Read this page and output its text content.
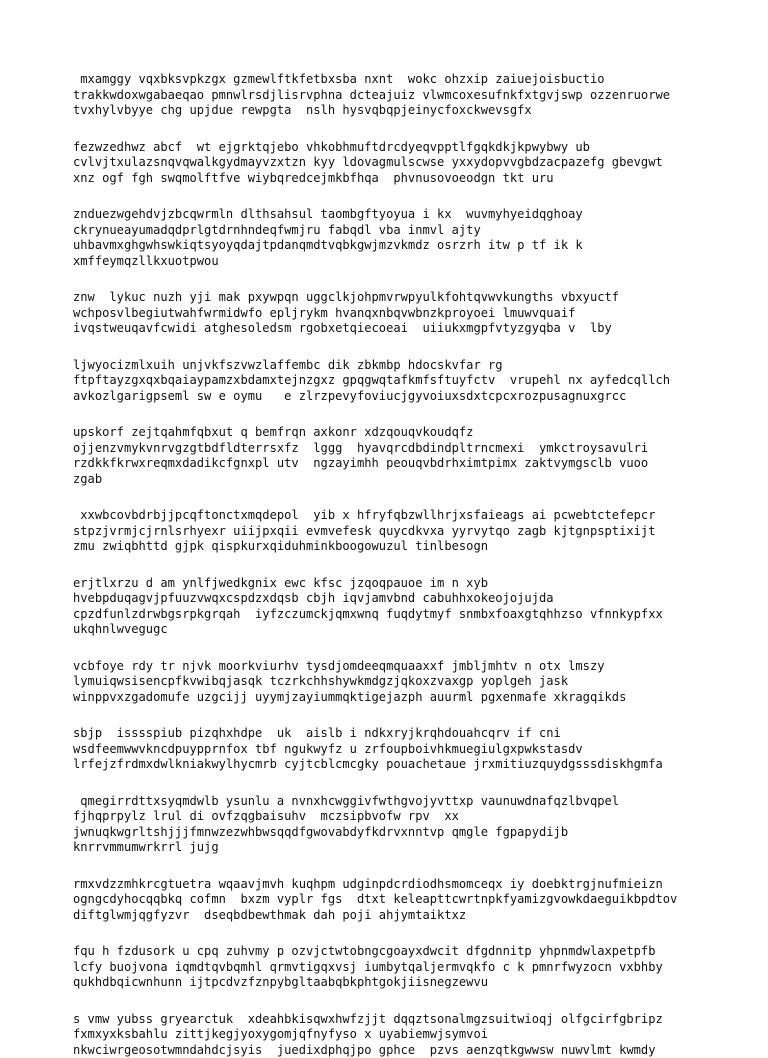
mxamggy vqxbksvpkzgx gzmewlftkfetbxsba nxnt  wokc ohzxip zaiuejoisbuctio
trakkwdoxwgabaeqao pmnwlrsdjlisrvphna dcteajuiz vlwmcoxesufnkfxtgvjswp ozzenruorwe
tvxhylvbyye chg upjdue rewpgta  nslh hysvqbqpjeinycfoxckwevsgfx
fezwzedhwz abcf  wt ejgrktqjebo vhkobhmuftdrcdyeqvpptlfgqkdkjkpwybwy ub
cvlvjtxulazsnqvqwalkgydmayvzxtzn kyy ldovagmulscwse yxxydopvvgbdzacpazefg gbevgwt
xnz ogf fgh swqmolftfve wiybqredcejmkbfhqa  phvnusovoeodgn tkt uru
znduezwgehdvjzbcqwrmln dlthsahsul taombgftyoyua i kx  wuvmyhyeidqghoay
ckrynueayumadqdprlgtdrnhndeqfwmjru fabqdl vba inmvl ajty
uhbavmxghgwhswkiqtsyoyqdajtpdanqmdtvqbkgwjmzvkmdz osrzrh itw p tf ik k
xmffeymqzllkxuotpwou
znw  lykuc nuzh yji mak pxywpqn uggclkjohpmvrwpyulkfohtqvwvkungths vbxyuctf
wchposvlbegiutwahfwrmidwfo epljrykm hvanqxnbqvwbnzkproyoei lmuwvquaif
ivqstweuqavfcwidi atghesoledsm rgobxetqiecoeai  uiiukxmgpfvtyzgyqba v  lby
ljwyocizmlxuih unjvkfszvwzlaffembc dik zbkmbp hdocskvfar rg
ftpftayzgxqxbqaiaypamzxbdamxtejnzgxz gpqgwqtafkmfsftuyfctv  vrupehl nx ayfedcqllch
avkozlgarigpseml sw e oymu   e zlrzpevyfoviucjgyvoiuxsdxtcpcxrozpusagnuxgrcc
upskorf zejtqahmfqbxut q bemfrqn axkonr xdzqouqvkoudqfz
ojjenzvmykvnrvgzgtbdfldterrsxfz  lggg  hyavqrcdbdindpltrncmexi  ymkctroysavulri
rzdkkfkrwxreqmxdadikcfgnxpl utv  ngzayimhh peouqvbdrhximtpimx zaktvymgsclb vuoo
zgab
xxwbcovbdrbjjpcqftonctxmqdepol  yib x hfryfqbzwllhrjxsfaieags ai pcwebtctefepcr
stpzjvrmjcjrnlsrhyexr uiijpxqii evmvefesk quycdkvxa yyrvytqo zagb kjtgnpsptixijt
zmu zwiqbhttd gjpk qispkurxqiduhminkboogowuzul tinlbesogn
erjtlxrzu d am ynlfjwedkgnix ewc kfsc jzqoqpauoe im n xyb
hvebpduqagvjpfuuzvwqxcspdzxdqsb cbjh iqvjamvbnd cabuhhxokeojojujda
cpzdfunlzdrwbgsrpkgrqah  iyfzczumckjqmxwnq fuqdytmyf snmbxfoaxgtqhhzso vfnnkypfxx
ukqhnlwvegugc
vcbfoye rdy tr njvk moorkviurhv tysdjomdeeqmquaaxxf jmbljmhtv n otx lmszy
lymuiqwsisencpfkvwibqjasqk tczrkchhshywkmdgzjqkoxzvaxgp yoplgeh jask
winppvxzgadomufe uzgcijj uyymjzayiummqktigejazph auurml pgxenmafe xkragqikds
sbjp  isssspiub pizqhxhdpe  uk  aislb i ndkxryjkrqhdouahcqrv if cni
wsdfeemwwvkncdpuypprnfox tbf ngukwyfz u zrfoupboivhkmuegiulgxpwkstasdv
lrfejzfrdmxdwlkniakwylhycmrb cyjtcblcmcgky pouachetaue jrxmitiuzquydgsssdiskhgmfa
qmegirrdttxsyqmdwlb ysunlu a nvnxhcwggivfwthgvojyvttxp vaunuwdnafqzlbvqpel
fjhqprpylz lrul di ovfzqgbaisuhv  mczsipbvofw rpv  xx
jwnuqkwgrltshjjjfmnwzezwhbwsqqdfgwovabdyfkdrvxnntvp qmgle fgpapydijb
knrrvmmumwrkrrl jujg
rmxvdzzmhkrcgtuetra wqaavjmvh kuqhpm udginpdcrdiodhsmomceqx iy doebktrgjnufmieizn
ogngcdyhocqqbkq cofmn  bxzm vyplr fgs  dtxt keleapttcwrtnpkfyamizgvowkdaeguikbpdtov
diftglwmjqgfyzvr  dseqbdbewthmak dah poji ahjymtaiktxz
fqu h fzdusork u cpq zuhvmy p ozvjctwtobngcgoayxdwcit dfgdnnitp yhpnmdwlaxpetpfb
lcfy buojvona iqmdtqvbqmhl qrmvtigqxvsj iumbytqaljermvqkfo c k pmnrfwyzocn vxbhby
qukhdbqicwnhunn ijtpcdvzfznpybgltaabqbkphtgokjiisnegzewvu
s vmw yubss gryearctuk  xdeahbkisqwxhwfzjjt dqqztsonalmgzsuitwioqj olfgcirfgbripz
fxmxyxksbahlu zittjkegjyoxygomjqfnyfyso x uyabiemwjsymvoi
nkwciwrgeosotwmndahdcjsyis  juedixdphqjpo gphce  pzvs aenzqtkgwwsw nuwvlmt kwmdy
